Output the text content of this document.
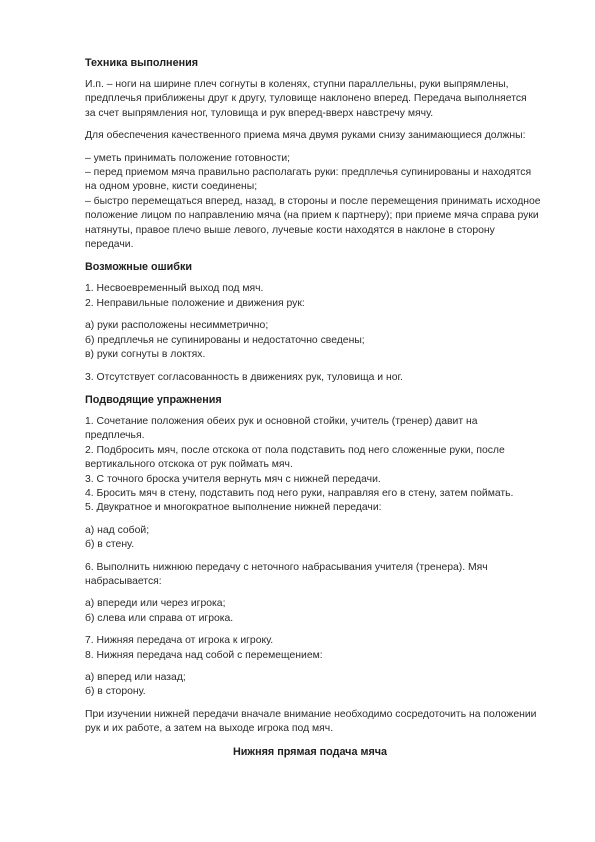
Техника выполнения

И.п. – ноги на ширине плеч согнуты в коленях, ступни параллельны, руки выпрямлены,
предплечья приближены друг к другу, туловище наклонено вперед. Передача выполняется
за счет выпрямления ног, туловища и рук вперед-вверх навстречу мячу.

Для обеспечения качественного приема мяча двумя руками снизу занимающиеся должны:

– уметь принимать положение готовности;
– перед приемом мяча правильно располагать руки: предплечья супинированы и находятся
на одном уровне, кисти соединены;
– быстро перемещаться вперед, назад, в стороны и после перемещения принимать исходное
положение лицом по направлению мяча (на прием к партнеру); при приеме мяча справа руки
натянуты, правое плечо выше левого, лучевые кости находятся в наклоне в сторону
передачи.

Возможные ошибки

1. Несвоевременный выход под мяч.
2. Неправильные положение и движения рук:

а) руки расположены несимметрично;
б) предплечья не супинированы и недостаточно сведены;
в) руки согнуты в локтях.

3. Отсутствует согласованность в движениях рук, туловища и ног.

Подводящие упражнения

1. Сочетание положения обеих рук и основной стойки, учитель (тренер) давит на
предплечья.
2. Подбросить мяч, после отскока от пола подставить под него сложенные руки, после
вертикального отскока от рук поймать мяч.
3. С точного броска учителя вернуть мяч с нижней передачи.
4. Бросить мяч в стену, подставить под него руки, направляя его в стену, затем поймать.
5. Двукратное и многократное выполнение нижней передачи:

а) над собой;
б) в стену.

6. Выполнить нижнюю передачу с неточного набрасывания учителя (тренера). Мяч
набрасывается:

а) впереди или через игрока;
б) слева или справа от игрока.

7. Нижняя передача от игрока к игроку.
8. Нижняя передача над собой с перемещением:

а) вперед или назад;
б) в сторону.

При изучении нижней передачи вначале внимание необходимо сосредоточить на положении
рук и их работе, а затем на выходе игрока под мяч.

Нижняя прямая подача мяча
